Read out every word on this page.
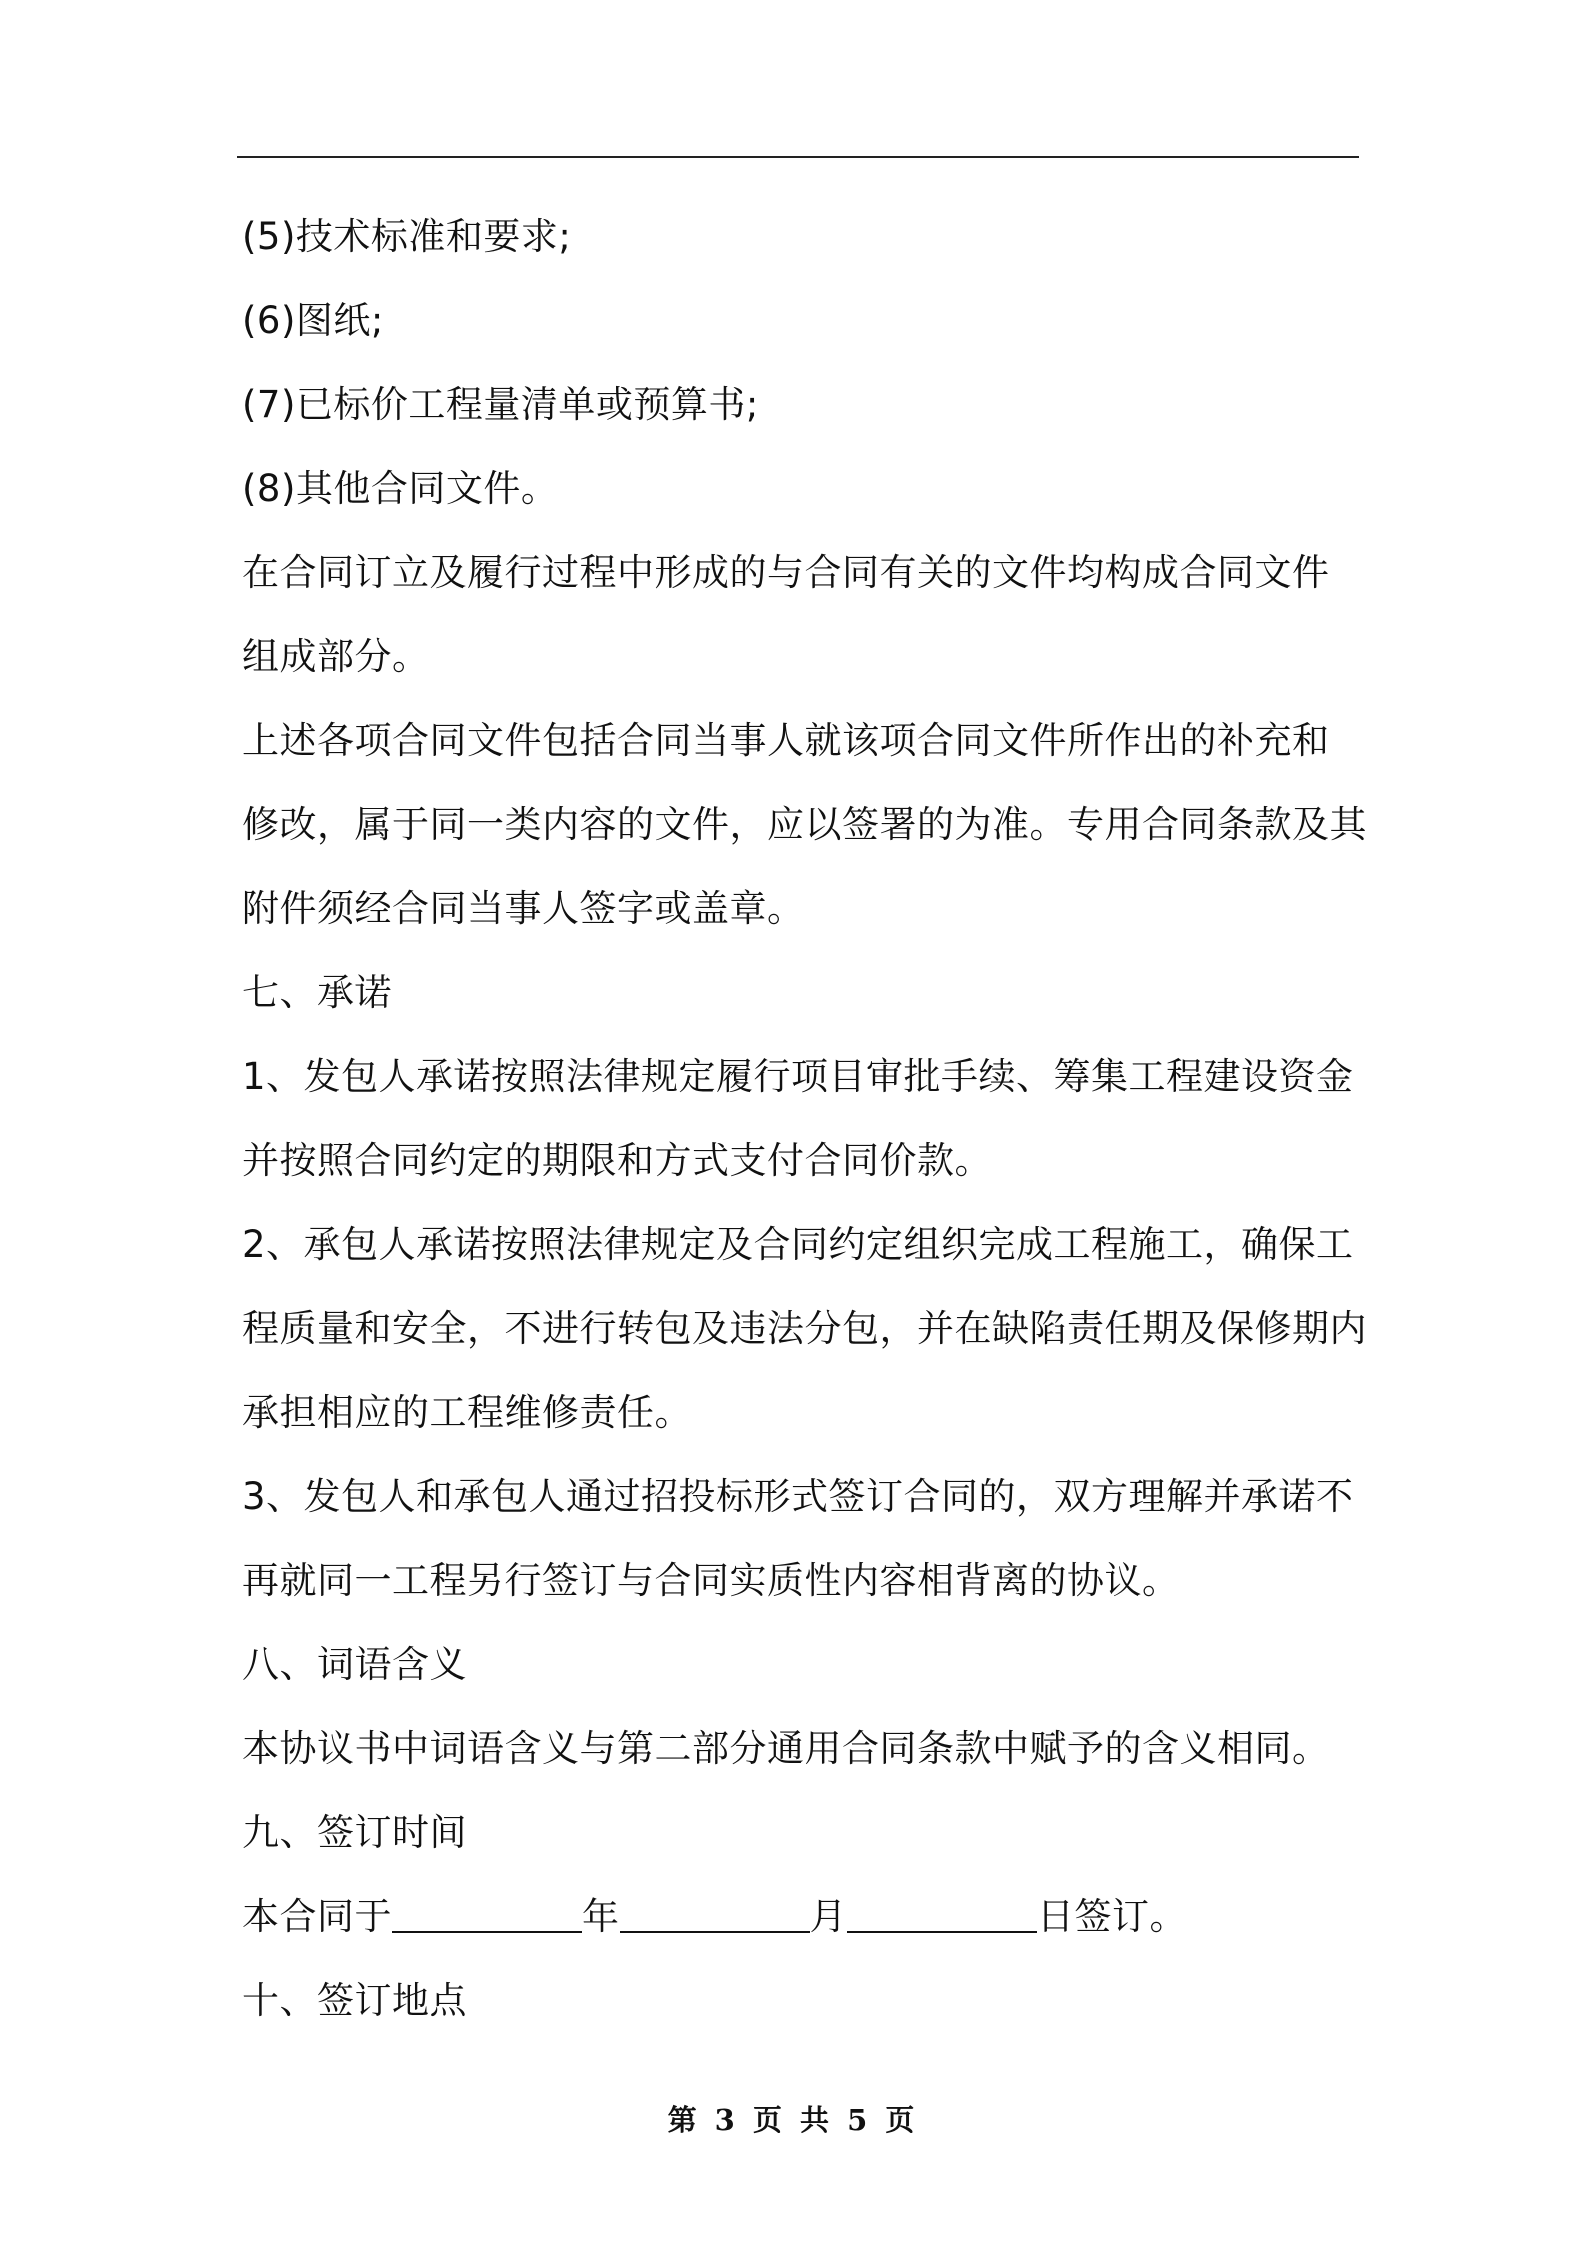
(5)技术标准和要求;
(6)图纸;
(7)已标价工程量清单或预算书;
(8)其他合同文件。
在合同订立及履行过程中形成的与合同有关的文件均构成合同文件
组成部分。
上述各项合同文件包括合同当事人就该项合同文件所作出的补充和
修改，属于同一类内容的文件，应以签署的为准。专用合同条款及其
附件须经合同当事人签字或盖章。
七、承诺
1、发包人承诺按照法律规定履行项目审批手续、筹集工程建设资金
并按照合同约定的期限和方式支付合同价款。
2、承包人承诺按照法律规定及合同约定组织完成工程施工，确保工
程质量和安全，不进行转包及违法分包，并在缺陷责任期及保修期内
承担相应的工程维修责任。
3、发包人和承包人通过招投标形式签订合同的，双方理解并承诺不
再就同一工程另行签订与合同实质性内容相背离的协议。
八、词语含义
本协议书中词语含义与第二部分通用合同条款中赋予的含义相同。
九、签订时间
本合同于	年	月	日签订。
十、签订地点
第 3 页 共 5 页
